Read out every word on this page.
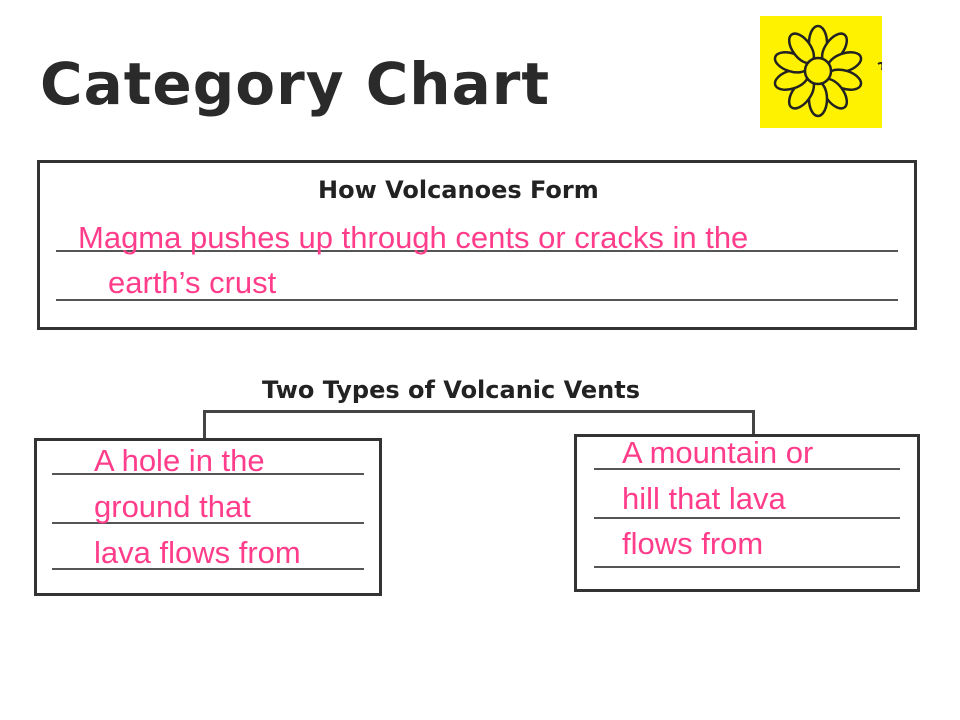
Category Chart
How Volcanoes Form
Magma pushes up through cents or cracks in the
earth’s crust
Two Types of Volcanic Vents
A hole in the
ground that
lava flows from
A mountain or
hill that lava
flows from
